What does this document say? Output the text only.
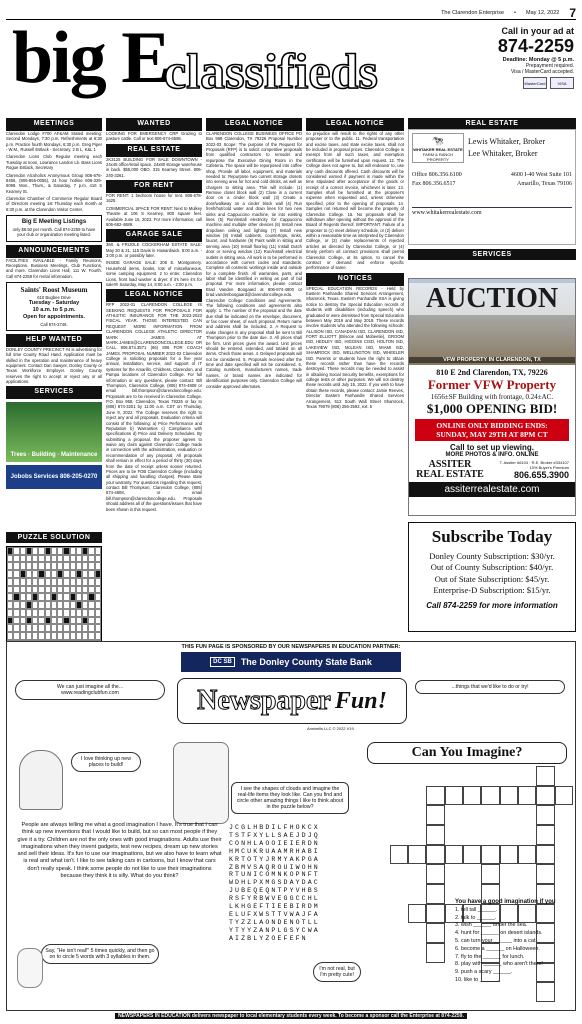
The Clarendon Enterprise • May 12, 2022 7
big E
classifieds
Call in your ad at
874-2259
Deadline: Monday @ 5 p.m.
Prepayment required.
Visa / MasterCard accepted.
MasterCard	VISA
MEETINGS

Clarendon Lodge #700 AF&AM Stated meeting: Second Mondays, 7:30 p.m. Refreshments at 6:30 p.m. Practice fourth Mondays, 6:30 p.m. Greg Piper - W.M., Russell Estlack - Secretary. 2 B L, K&L 1

Clarendon Lions Club Regular meeting each Tuesday at noon, Lowrance Landon Lb. Bass Lions Rogue Estlack, Secretary

Clarendon Alcoholics Anonymous Group 806-676-8456, (806-855-0055), 24 hour hotline 806-329-5098. Mon., Thurs., & Saturday, 7 p.m. 416 S Kearney St.

Clarendon Chamber of Commerce Regular Board of Directors meeting 1st Thursday each month at 6:30 p.m. at the Clarendon Visitor Center.

Big E Meeting Listings
only $8.50 per month. Call 874-2259 to have your club or organization meeting listed.
ANNOUNCEMENTS

FACILITIES AVAILABLE - Family Reunions, Receptions, Business Meetings, Club Functions, and more. Clarendon Lions Hall, 111 W. Fourth. Call 874-2259 for rental information.

Saints' Roost Museum
610 Bugbee Drive
Tuesday - Saturday
10 a.m. to 5 p.m.
Open for appointments.
Call 874-2746.
HELP WANTED

DONLEY COUNTY PRECINCT #4 is advertising for full time County Road Hand. Application must be skilled in the operation and maintenance of heavy equipment. Contact Dan Sawyer, Donley County or Texas Workforce Employer. Donley County reserves the right to accept or reject any or all applications.

SERVICES
Trees · Building · Maintenance
Jobobs Services 806-205-0270
WANTED

LOOKING FOR EMERGENCY CRP Grazing to pasture cattle. Call or text 806-674-6598.

REAL ESTATE

2K3125 BUILDING FOR SALE DOWNTOWN - 24x45 office/retail space. 24x80 storage warehouse in back. $55,000 OBO. 315 Kearney Street. 806-240-3261.

FOR RENT

FOR RENT: 1 bedroom house for rent. 806-678-1625.

COMMERCIAL SPACE FOR RENT: Next to Mulkey Theatre at 106 S Kearney, 800 square feet. Available June 15, 2022. For more information, call 806-662-4689.

GARAGE SALE

3MI. & FRIJOLE COCKERHAM ESTATE SALE: May 20 & 21. 115 Davis in Howardwick. 8:00 a.m. - 3:00 p.m. or possibly later.

INSIDE GARAGE SALE: 206 E. Montgomery. Household items, books, lots of miscellaneous, some camping equipment. 2 to enter. Clarendon Lions, front load washer & dryer. If it's here it's for sale!!!! Saturday, May 14, 8:00 a.m. - 2:00 p.m.

LEGAL NOTICE

RFP 2022-01 CLARENDON COLLEGE IS SEEKING REQUESTS FOR PROPOSALS FOR ATHLETIC INSURANCE FOR THE 2022-2023 FISCAL YEAR. THOSE INTERESTED CAN REQUEST MORE INFORMATION FROM CLARENDON COLLEGE ATHLETIC DIRECTOR MARK JAMES AT MARK.JAMES@CLARENDONCOLLEGE.EDU OR CALL 806.874.3571 (66) 806 FOR COACH JAMES. PROPOSAL NUMBER 2022-02 Clarendon College is soliciting proposals for a five year annual, installation, service, and support of IT systems for the Amarillo, Childress, Clarendon, and Pampa locations of Clarendon College. For full information or any questions, please contact: Bill Thompson, Clarendon College, (806) 874-4808 or email bill.thompson@clarendoncollege.edu. Proposals are to be received in Clarendon College, P.O. Box 968, Clarendon, Texas 79226 or fax to (806) 874-3201 by 11:00 a.m. CST on Thursday, June 9, 2022. The College reserves the right to reject any and all proposals. Evaluation criteria will consist of the following: a) Price Performance and Reputation b) Warranties c) Compliance with specifications d) Price and Delivery Schedules. By submitting a proposal, the proposer agrees to waive any claim against Clarendon College made in connection with the administration, evaluation or recommendation of any proposal. All proposals shall remain in effect for a period of thirty (30) days from the date of receipt unless sooner returned. Prices are to be FOB Clarendon College (including all shipping and handling charges). Please state your warranty. For questions regarding this request, contact Bill Thompson, Clarendon College, (806) 874-4808, or email bill.thompson@clarendoncollege.edu. Proposals should address all of the questions/issues that have been shown in this request.

LEGAL NOTICE

CLARENDON COLLEGE BUSINESS OFFICE PO Box 968 Clarendon, TX 79226 Proposal Number 2022-03 Scope: The purpose of the Request for Proposals (RFP) is to solicit competitive proposals from qualified contractors to remodel and repurpose the Executive Dining Room in the Cafeteria. The space will be repurposed into coffee shop. Provide all labor, equipment, and materials needed to: Repurpose two current storage closets into serving area for hot and cold drinks, as well as chargers to sitting area. This will include: (1) Remove closet block wall (2) Close in a current door on a cinder block wall (3) Create a door/walkway on a cinder block wall (4) Run fresh/hot/cold water and drain lines for two new sinks and Cappuccino machine, tie into existing lines (5) Run/install electricity for Cappuccino machine and multiple other devices (6) Install new dropdown ceiling and lighting (7) Install new window (8) Install cabinets, countertops, sinks, faucet, and hardware (9) Paint walls in sitting and serving area (10) Install flooring (11) Install Dutch door or serving window (12) Run/install electrical outlets in sitting area. All work is to be performed in accordance with current codes and standards. Complete all cosmetic workings inside and outside for a complete finish. All warranties, parts, and labor shall be identified in writing as part of bid proposal. For more information, please contact Brad Vanden Boogaard at 806-874-4800 or brad.vandenboogaard@clarendoncollege.edu. Clarendon College Conditions and Agreements. The following conditions and agreements also apply: 1. The number of the proposal and the date due shall be indicated on the envelope, document, or fax cover sheet, of each proposal. Return name and address shall be included. 2. A Request to make changes in any proposal shall be sent to Bill Thompson prior to the date due. 3. All prices shall be firm. Unit prices given the award. Unit prices should be entered, extended, and totaled on all items. Check those areas. 4. Delayed proposals will not be considered. 5. Proposals received after the time and date specified will not be considered. 6. Catalog numbers, manufacturers names, trade names, or brand names are indicated for identification purposes only. Clarendon College will consider approved alternates.

LEGAL NOTICE

no prejudice will result to the rights of any other proposer or to the public. 11. Federal transportation and excise taxes, and state excise taxes, shall not be included in proposal prices. Clarendon College is exempt from all such taxes, and exemption certificates will be furnished upon request. 12. The College does not agree to, but will endeavor to, use any cash discounts offered. Cash discounts will be considered earned if payment is made within the time stipulated after acceptance of the goods or receipt of a correct invoice, whichever is later. 13. Samples shall be furnished at the proposer's expense when requested and, unless otherwise specified, prior to the opening of proposals. 14. Samples not returned will become the property of Clarendon College. 15. No proposals shall be withdrawn after opening without the approval of the Board of Regents thereof. IMPORTANT. Failure of a proposer to (1) meet delivery schedule, or (2) deliver within a reasonable time as interpreted by Clarendon College, or (3) make replacements of rejected articles as directed by Clarendon College, or (4) timely perform all contract provisions shall permit Clarendon College, at its option, to cancel the contract or demand and enforce specific performance of same.

NOTICES

SPECIAL EDUCATION RECORDS - Held by Eastern Panhandle Shared Services Arrangement, Shamrock, Texas. Eastern Panhandle SSA is giving notice to destroy the Special Education records of students with disabilities (including speech) who graduated or were dismissed from Special Education between May 2016 and May 2018. These records involve students who attended the following schools: ALLISON ISD, CANADIAN ISD, CLARENDON ISD, FORT ELLIOTT (Briscoe and Mobeetie), GROOM ISD, HEDLEY ISD, HIGGINS CISD, HOLTON ISD, LAKEVIEW ISD, McLEAN ISD, MIAMI ISD, SHAMROCK ISD, WELLINGTON ISD, WHEELER ISD. Parents or students have the right to obtain these records rather than have the records destroyed. These records may be needed to assist in obtaining Social Security benefits, exemptions for college tests or other purposes. We will not destroy these records until July 15, 2022. If you wish to have obtain these records, please contact: Jamie Reeves, Director Eastern Panhandle Shared Services Arrangement, 512 South Wall Street Shamrock, Texas 79079 (806) 256-2592, ext. 5

PUZZLE SOLUTION
REAL ESTATE
🐄
WHITAKER REAL ESTATE
FARM & RANCH PROPERTY
Lewis Whitaker, Broker
Lee Whitaker, Broker
Office 806.356.6100
Fax 806.356.6517
4600 I-40 West Suite 101
Amarillo, Texas 79106
www.whitakerrealestate.com
SERVICES
AUCTION
VFW PROPERTY IN CLARENDON, TX
810 E 2nd Clarendon, TX, 79226
Former VFW Property
1656±SF Building with frontage, 0.24±AC.
$1,000 OPENING BID!
ONLINE ONLY BIDDING ENDS:
SUNDAY, MAY 29TH AT 8PM CT
Call to set up viewing.
MORE PHOTOS & INFO. ONLINE
ASSITER REAL ESTATE
T. Assiter #6104 · R.E. Broker #334107 · 10% Buyer's Premium
806.655.3900
assiterrealestate.com
Subscribe Today
Donley County Subscription: $30/yr.
Out of County Subscription: $40/yr.
Out of State Subscription: $45/yr.
Enterprise-D Subscription: $15/yr.
Call 874-2259 for more information
THIS FUN PAGE IS SPONSORED BY OUR NEWSPAPERS IN EDUCATION PARTNER:
DC SB	The Donley County State Bank
We can just imagine all the...
www.readingclubfun.com
...things that we'd like to do or try!
Newspaper Fun!
Annimills LLC © 2022 V19
I love thinking up new places to build!
People are always telling me what a good imagination I have. It's true that I can think up new inventions that I would like to build, but so can most people if they give it a try. Children are not the only ones with good imaginations. Adults use their imaginations when they invent gadgets, test new recipes, dream up new stories and sell their ideas. It's fun to use our imaginations, but we also have to learn what is real and what isn't. I like to see talking cars in cartoons, but I know that cars don't really speak. I think some people do not like to use their imaginations because they think it is silly. What do you think?
Say, "He isn't real!" 5 times quickly, and then go on to circle 5 words with 3 syllables in them.
I see the shapes of clouds and imagine the real-life items they look like. Can you find and circle other amazing things I like to think about in the puzzle below?
JCGLHBDILFHOKCX
TSTFXYLLSAEJDJQ
CONHLAOOIEIERDN
HMCUKRUAAMRHABI
KRTOTYJRMYAKPGA
ZBMVSAQROUIWOHN
RTUNICOMNKOPNFT
WDHLPXMGSDAYDAC
JUBEQEQNTPYVHBS
RSFYRBWVEGGCCHL
LKHGEFTIEEBIRDM
ELUFXWSTTVWAJFA
TYZZLAONDENOTLL
YTYYZANPLGSYCWA
AIZBLYZOEFEFN
I'm not real, but I'm pretty cute!
Can You Imagine?
You have a good imagination if you
1. tell tall ______.
2. talk to ______.
3. wish ______ under the sea.
4. hunt for ______ on desert islands.
5. can turn your ______ into a cat.
6. become a ______ on Halloween.
7. fly to the ______ for lunch.
8. play with ______ who aren't there!
9. push a scary ______.
10. like to ______.
NEWSPAPERS IN EDUCATION delivers newspaper to local elementary students every week. To become a sponsor call the Enterprise at 874-2259.
